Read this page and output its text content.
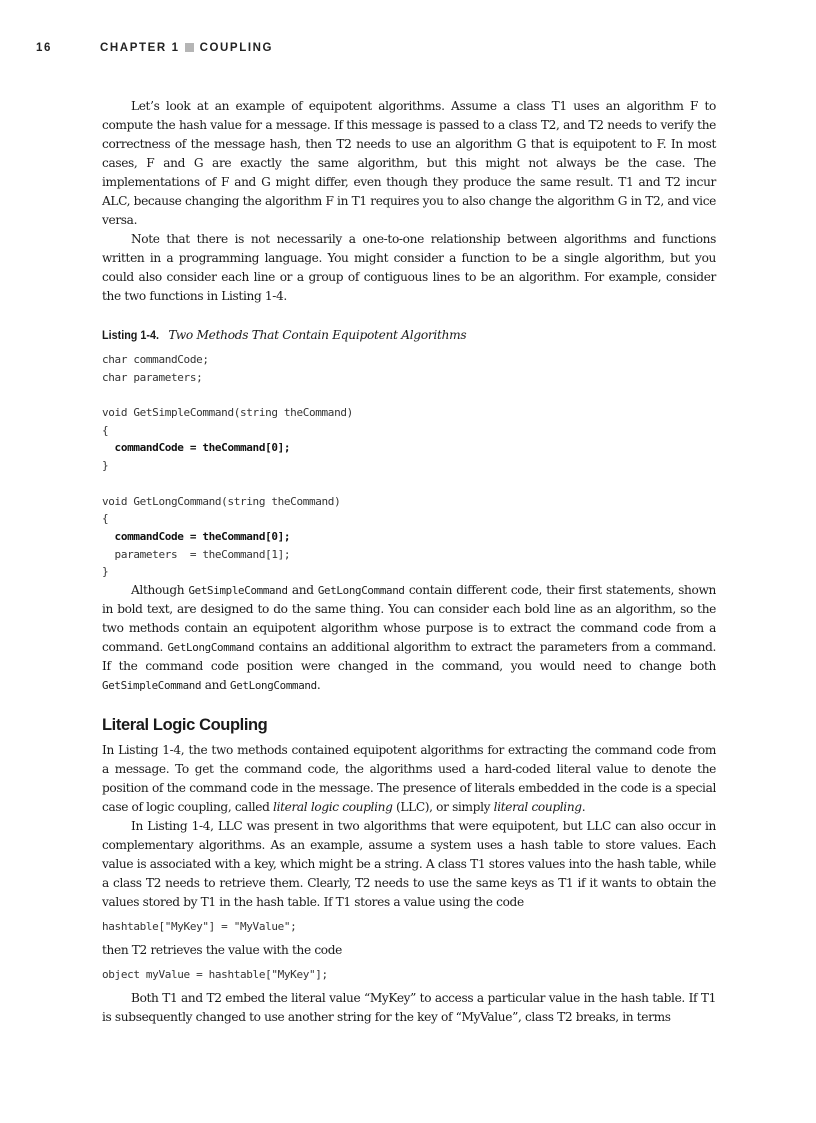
16	CHAPTER 1 COUPLING

Let’s look at an example of equipotent algorithms. Assume a class T1 uses an algorithm F to compute the hash value for a message. If this message is passed to a class T2, and T2 needs to verify the correctness of the message hash, then T2 needs to use an algorithm G that is equipotent to F. In most cases, F and G are exactly the same algorithm, but this might not always be the case. The implementations of F and G might differ, even though they produce the same result. T1 and T2 incur ALC, because changing the algorithm F in T1 requires you to also change the algorithm G in T2, and vice versa.

Note that there is not necessarily a one-to-one relationship between algorithms and functions written in a programming language. You might consider a function to be a single algorithm, but you could also consider each line or a group of contiguous lines to be an algorithm. For example, consider the two functions in Listing 1-4.

Listing 1-4. Two Methods That Contain Equipotent Algorithms

char commandCode;
char parameters;
void GetSimpleCommand(string theCommand)
{
commandCode = theCommand[0];
}
void GetLongCommand(string theCommand)
{
commandCode = theCommand[0];
parameters  = theCommand[1];
}

Although GetSimpleCommand and GetLongCommand contain different code, their first statements, shown in bold text, are designed to do the same thing. You can consider each bold line as an algorithm, so the two methods contain an equipotent algorithm whose purpose is to extract the command code from a command. GetLongCommand contains an additional algorithm to extract the parameters from a command. If the command code position were changed in the command, you would need to change both GetSimpleCommand and GetLongCommand.

Literal Logic Coupling

In Listing 1-4, the two methods contained equipotent algorithms for extracting the command code from a message. To get the command code, the algorithms used a hard-coded literal value to denote the position of the command code in the message. The presence of literals embedded in the code is a special case of logic coupling, called literal logic coupling (LLC), or simply literal coupling.

In Listing 1-4, LLC was present in two algorithms that were equipotent, but LLC can also occur in complementary algorithms. As an example, assume a system uses a hash table to store values. Each value is associated with a key, which might be a string. A class T1 stores values into the hash table, while a class T2 needs to retrieve them. Clearly, T2 needs to use the same keys as T1 if it wants to obtain the values stored by T1 in the hash table. If T1 stores a value using the code

hashtable["MyKey"] = "MyValue";

then T2 retrieves the value with the code

object myValue = hashtable["MyKey"];

Both T1 and T2 embed the literal value “MyKey” to access a particular value in the hash table. If T1 is subsequently changed to use another string for the key of “MyValue”, class T2 breaks, in terms
